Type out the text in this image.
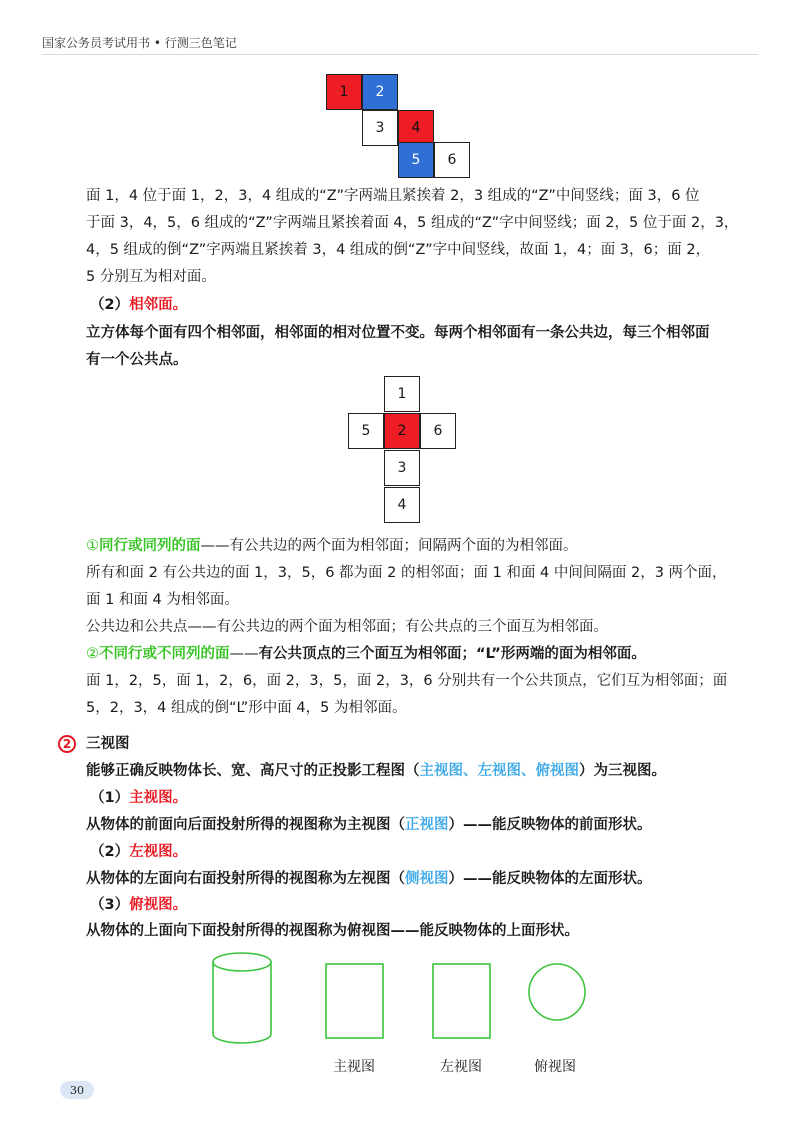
国家公务员考试用书 • 行测三色笔记
1	2
3	4
5	6
面 1，4 位于面 1，2，3，4 组成的“Z”字两端且紧挨着 2，3 组成的“Z”中间竖线；面 3，6 位
于面 3，4，5，6 组成的“Z”字两端且紧挨着面 4，5 组成的“Z”字中间竖线；面 2，5 位于面 2，3，
4，5 组成的倒“Z”字两端且紧挨着 3，4 组成的倒“Z”字中间竖线，故面 1，4；面 3，6；面 2，
5 分别互为相对面。
（2）相邻面。
立方体每个面有四个相邻面，相邻面的相对位置不变。每两个相邻面有一条公共边，每三个相邻面
有一个公共点。
1
5	2	6
3
4
①同行或同列的面——有公共边的两个面为相邻面；间隔两个面的为相邻面。
所有和面 2 有公共边的面 1，3，5，6 都为面 2 的相邻面；面 1 和面 4 中间间隔面 2，3 两个面，
面 1 和面 4 为相邻面。
公共边和公共点——有公共边的两个面为相邻面；有公共点的三个面互为相邻面。
②不同行或不同列的面——有公共顶点的三个面互为相邻面；“L”形两端的面为相邻面。
面 1，2，5，面 1，2，6，面 2，3，5，面 2，3，6 分别共有一个公共顶点，它们互为相邻面；面
5，2，3，4 组成的倒“L”形中面 4，5 为相邻面。
2	三视图
能够正确反映物体长、宽、高尺寸的正投影工程图（主视图、左视图、俯视图）为三视图。
（1）主视图。
从物体的前面向后面投射所得的视图称为主视图（正视图）——能反映物体的前面形状。
（2）左视图。
从物体的左面向右面投射所得的视图称为左视图（侧视图）——能反映物体的左面形状。
（3）俯视图。
从物体的上面向下面投射所得的视图称为俯视图——能反映物体的上面形状。
主视图	左视图	俯视图
30
